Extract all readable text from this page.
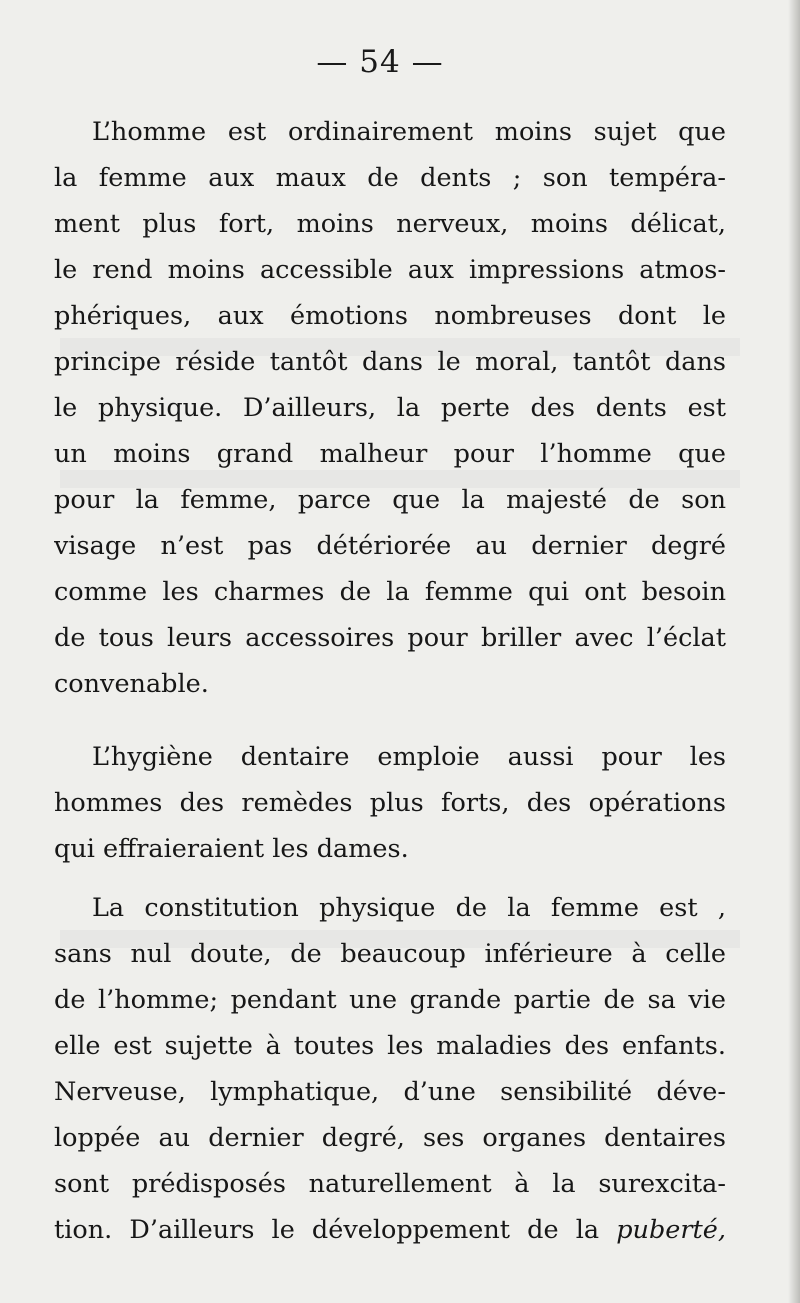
— 54 —
L’homme est ordinairement moins sujet que
la femme aux maux de dents ; son tempéra-
ment plus fort, moins nerveux, moins délicat,
le rend moins accessible aux impressions atmos-
phériques, aux émotions nombreuses dont le
principe réside tantôt dans le moral, tantôt dans
le physique. D’ailleurs, la perte des dents est
un moins grand malheur pour l’homme que
pour la femme, parce que la majesté de son
visage n’est pas détériorée au dernier degré
comme les charmes de la femme qui ont besoin
de tous leurs accessoires pour briller avec l’éclat
convenable.
L’hygiène dentaire emploie aussi pour les
hommes des remèdes plus forts, des opérations
qui effraieraient les dames.
La constitution physique de la femme est ,
sans nul doute, de beaucoup inférieure à celle
de l’homme; pendant une grande partie de sa vie
elle est sujette à toutes les maladies des enfants.
Nerveuse, lymphatique, d’une sensibilité déve-
loppée au dernier degré, ses organes dentaires
sont prédisposés naturellement à la surexcita-
tion. D’ailleurs le développement de la puberté,
